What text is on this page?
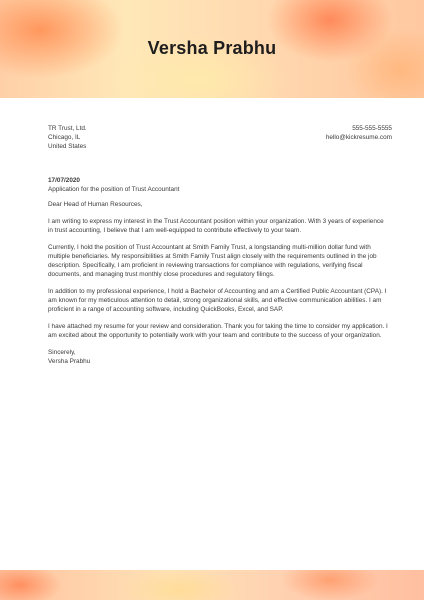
Versha Prabhu
TR Trust, Ltd.
Chicago, IL
United States
555-555-5555
hello@kickresume.com
17/07/2020
Application for the position of Trust Accountant

Dear Head of Human Resources,

I am writing to express my interest in the Trust Accountant position within your organization. With 3 years of experience in trust accounting, I believe that I am well-equipped to contribute effectively to your team.

Currently, I hold the position of Trust Accountant at Smith Family Trust, a longstanding multi-million dollar fund with multiple beneficiaries. My responsibilities at Smith Family Trust align closely with the requirements outlined in the job description. Specifically, I am proficient in reviewing transactions for compliance with regulations, verifying fiscal documents, and managing trust monthly close procedures and regulatory filings.

In addition to my professional experience, I hold a Bachelor of Accounting and am a Certified Public Accountant (CPA). I am known for my meticulous attention to detail, strong organizational skills, and effective communication abilities. I am proficient in a range of accounting software, including QuickBooks, Excel, and SAP.

I have attached my resume for your review and consideration. Thank you for taking the time to consider my application. I am excited about the opportunity to potentially work with your team and contribute to the success of your organization.

Sincerely,
Versha Prabhu
